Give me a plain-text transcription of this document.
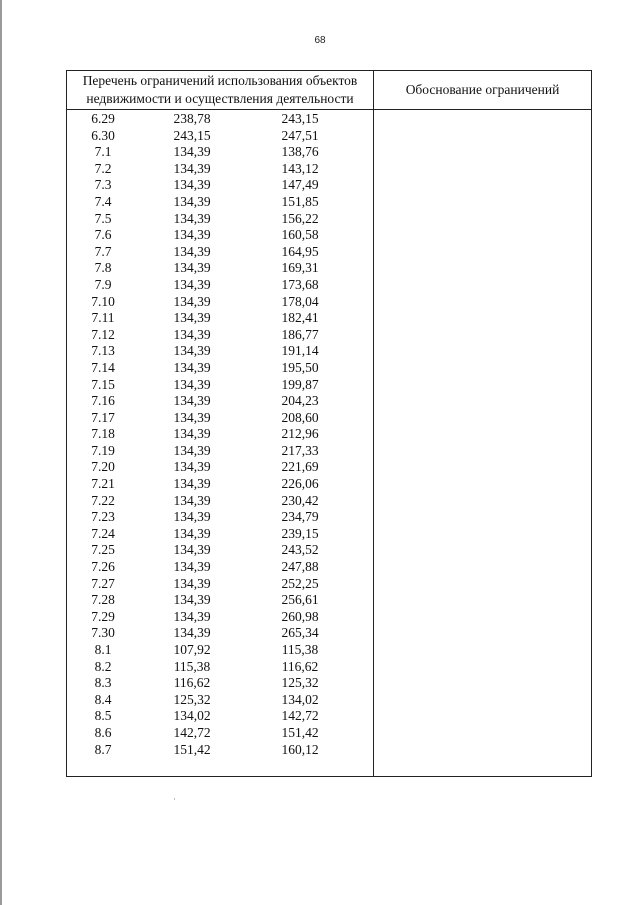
68
Перечень ограничений использования объектов недвижимости и осуществления деятельности
Обоснование ограничений
6.29	238,78	243,15
6.30	243,15	247,51
7.1	134,39	138,76
7.2	134,39	143,12
7.3	134,39	147,49
7.4	134,39	151,85
7.5	134,39	156,22
7.6	134,39	160,58
7.7	134,39	164,95
7.8	134,39	169,31
7.9	134,39	173,68
7.10	134,39	178,04
7.11	134,39	182,41
7.12	134,39	186,77
7.13	134,39	191,14
7.14	134,39	195,50
7.15	134,39	199,87
7.16	134,39	204,23
7.17	134,39	208,60
7.18	134,39	212,96
7.19	134,39	217,33
7.20	134,39	221,69
7.21	134,39	226,06
7.22	134,39	230,42
7.23	134,39	234,79
7.24	134,39	239,15
7.25	134,39	243,52
7.26	134,39	247,88
7.27	134,39	252,25
7.28	134,39	256,61
7.29	134,39	260,98
7.30	134,39	265,34
8.1	107,92	115,38
8.2	115,38	116,62
8.3	116,62	125,32
8.4	125,32	134,02
8.5	134,02	142,72
8.6	142,72	151,42
8.7	151,42	160,12
